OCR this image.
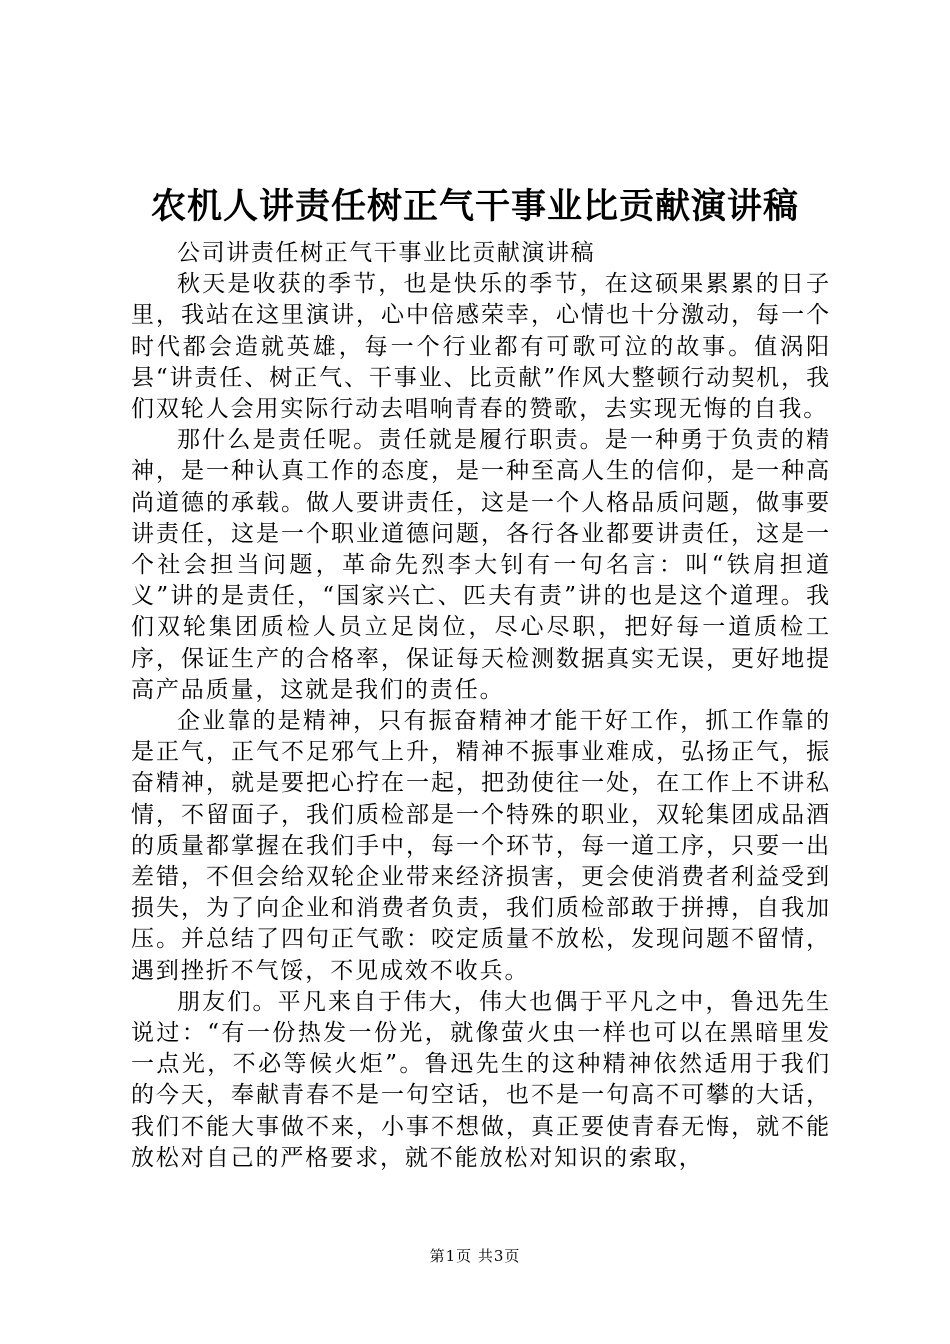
农机人讲责任树正气干事业比贡献演讲稿

公司讲责任树正气干事业比贡献演讲稿

秋天是收获的季节，也是快乐的季节，在这硕果累累的日子里，我站在这里演讲，心中倍感荣幸，心情也十分激动，每一个时代都会造就英雄，每一个行业都有可歌可泣的故事。值涡阳县“讲责任、树正气、干事业、比贡献”作风大整顿行动契机，我们双轮人会用实际行动去唱响青春的赞歌，去实现无悔的自我。

那什么是责任呢。责任就是履行职责。是一种勇于负责的精神，是一种认真工作的态度，是一种至高人生的信仰，是一种高尚道德的承载。做人要讲责任，这是一个人格品质问题，做事要讲责任，这是一个职业道德问题，各行各业都要讲责任，这是一个社会担当问题，革命先烈李大钊有一句名言：叫“铁肩担道义”讲的是责任，“国家兴亡、匹夫有责”讲的也是这个道理。我们双轮集团质检人员立足岗位，尽心尽职，把好每一道质检工序，保证生产的合格率，保证每天检测数据真实无误，更好地提高产品质量，这就是我们的责任。

企业靠的是精神，只有振奋精神才能干好工作，抓工作靠的是正气，正气不足邪气上升，精神不振事业难成，弘扬正气，振奋精神，就是要把心拧在一起，把劲使往一处，在工作上不讲私情，不留面子，我们质检部是一个特殊的职业，双轮集团成品酒的质量都掌握在我们手中，每一个环节，每一道工序，只要一出差错，不但会给双轮企业带来经济损害，更会使消费者利益受到损失，为了向企业和消费者负责，我们质检部敢于拼搏，自我加压。并总结了四句正气歌：咬定质量不放松，发现问题不留情，遇到挫折不气馁，不见成效不收兵。

朋友们。平凡来自于伟大，伟大也偶于平凡之中，鲁迅先生说过：“有一份热发一份光，就像萤火虫一样也可以在黑暗里发一点光，不必等候火炬”。鲁迅先生的这种精神依然适用于我们的今天，奉献青春不是一句空话，也不是一句高不可攀的大话，我们不能大事做不来，小事不想做，真正要使青春无悔，就不能放松对自己的严格要求，就不能放松对知识的索取，

第1页 共3页
